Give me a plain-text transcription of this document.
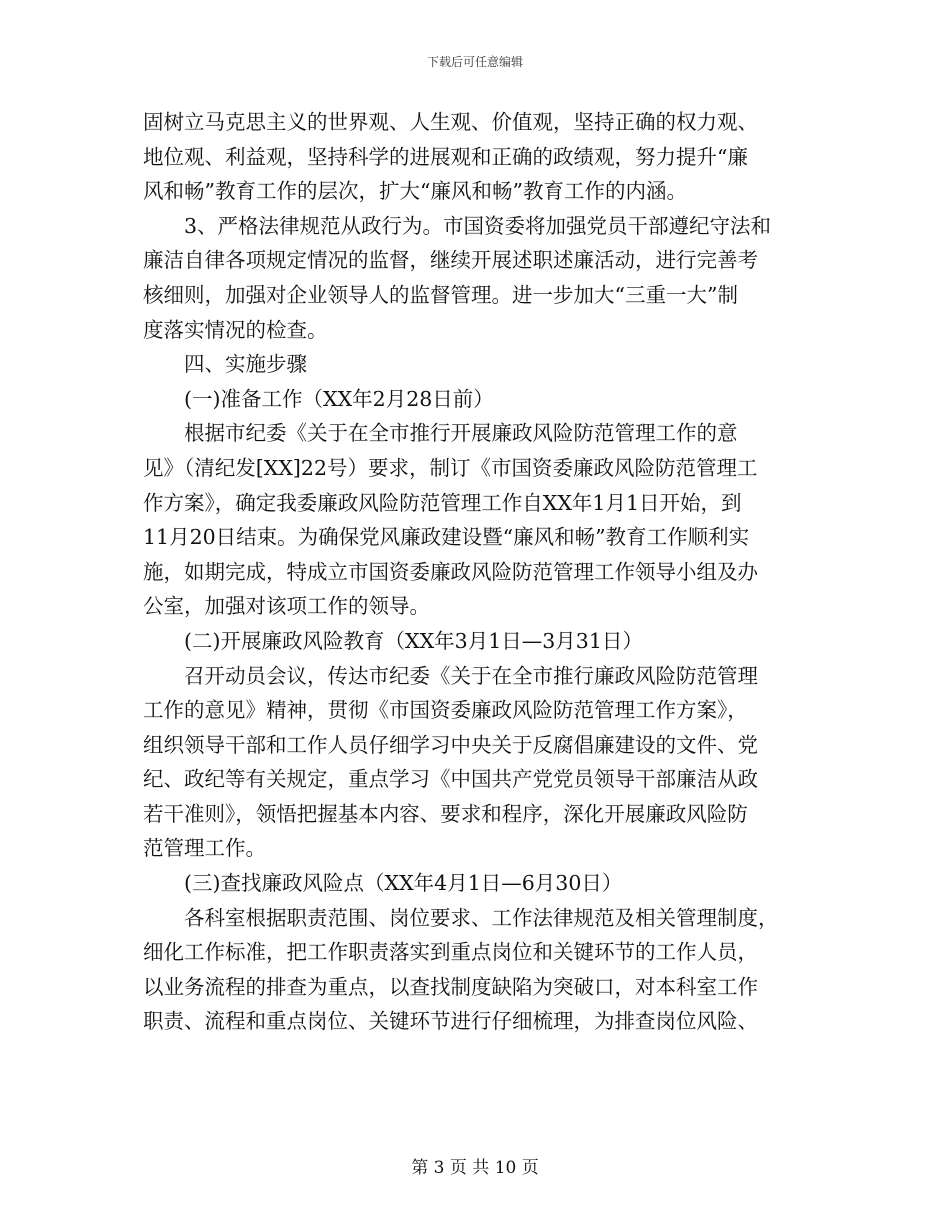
下载后可任意编辑

固树立马克思主义的世界观、人生观、价值观，坚持正确的权力观、

地位观、利益观，坚持科学的进展观和正确的政绩观，努力提升“廉

风和畅”教育工作的层次，扩大“廉风和畅”教育工作的内涵。

3、严格法律规范从政行为。市国资委将加强党员干部遵纪守法和

廉洁自律各项规定情况的监督，继续开展述职述廉活动，进行完善考

核细则，加强对企业领导人的监督管理。进一步加大“三重一大”制

度落实情况的检查。

四、实施步骤

(一)准备工作（XX年2月28日前）

根据市纪委《关于在全市推行开展廉政风险防范管理工作的意

见》（清纪发[XX]22号）要求，制订《市国资委廉政风险防范管理工

作方案》，确定我委廉政风险防范管理工作自XX年1月1日开始，到

11月20日结束。为确保党风廉政建设暨“廉风和畅”教育工作顺利实

施，如期完成，特成立市国资委廉政风险防范管理工作领导小组及办

公室，加强对该项工作的领导。

(二)开展廉政风险教育（XX年3月1日—3月31日）

召开动员会议，传达市纪委《关于在全市推行廉政风险防范管理

工作的意见》精神，贯彻《市国资委廉政风险防范管理工作方案》，

组织领导干部和工作人员仔细学习中央关于反腐倡廉建设的文件、党

纪、政纪等有关规定，重点学习《中国共产党党员领导干部廉洁从政

若干准则》，领悟把握基本内容、要求和程序，深化开展廉政风险防

范管理工作。

(三)查找廉政风险点（XX年4月1日—6月30日）

各科室根据职责范围、岗位要求、工作法律规范及相关管理制度，

细化工作标准，把工作职责落实到重点岗位和关键环节的工作人员，

以业务流程的排查为重点，以查找制度缺陷为突破口，对本科室工作

职责、流程和重点岗位、关键环节进行仔细梳理，为排查岗位风险、

第 3 页 共 10 页
